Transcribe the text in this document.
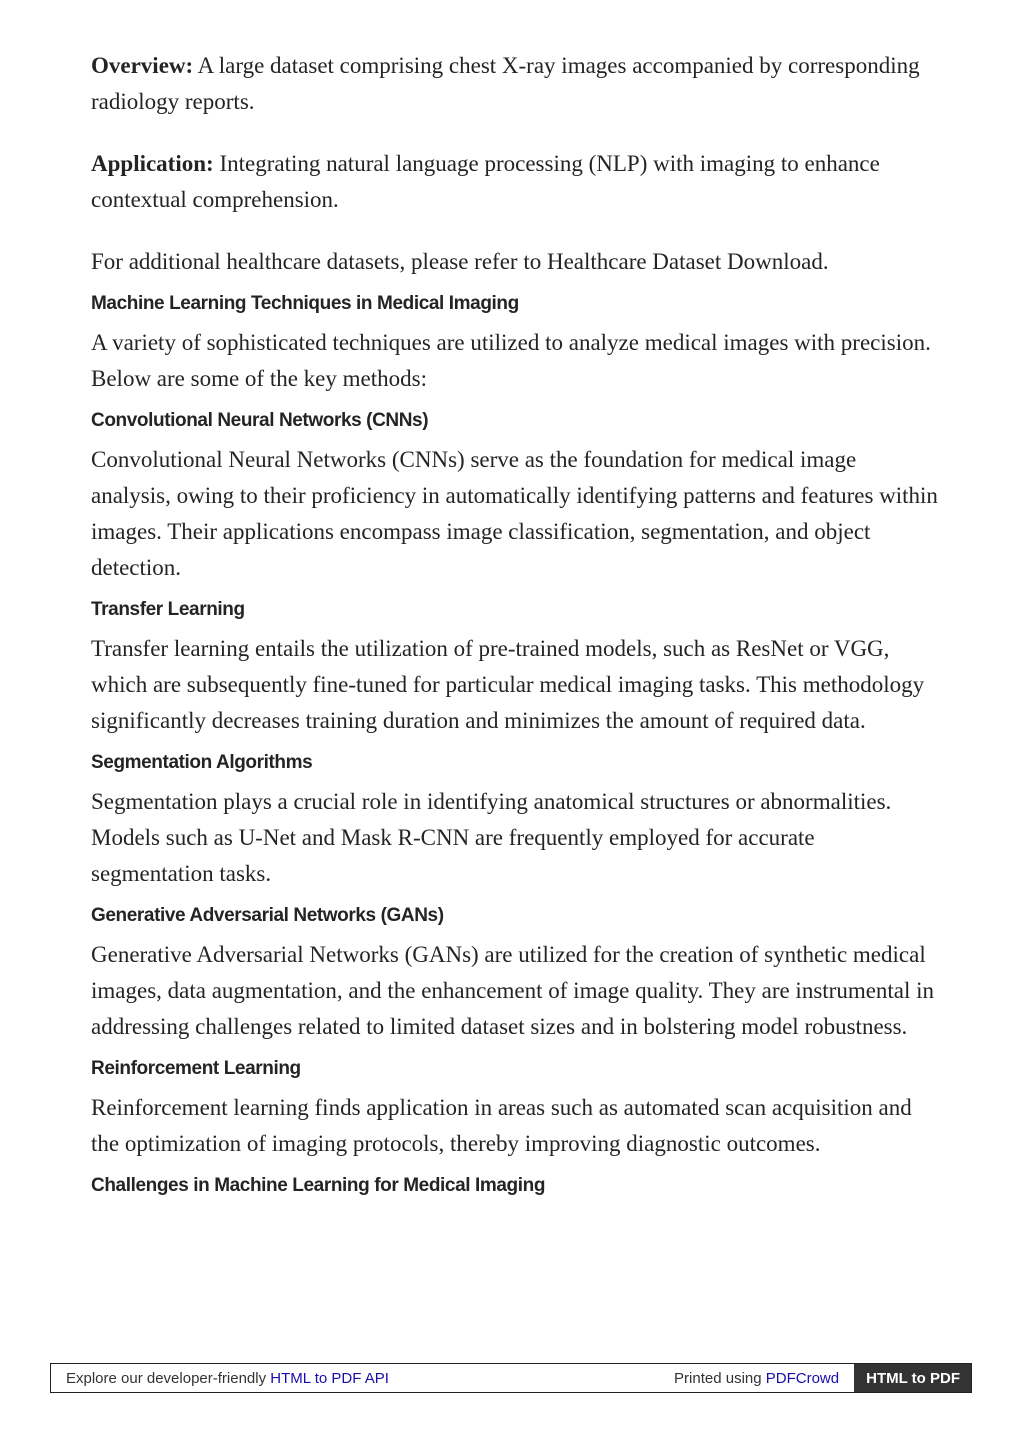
Overview: A large dataset comprising chest X-ray images accompanied by corresponding radiology reports.

Application: Integrating natural language processing (NLP) with imaging to enhance contextual comprehension.

For additional healthcare datasets, please refer to Healthcare Dataset Download.

Machine Learning Techniques in Medical Imaging

A variety of sophisticated techniques are utilized to analyze medical images with precision. Below are some of the key methods:

Convolutional Neural Networks (CNNs)

Convolutional Neural Networks (CNNs) serve as the foundation for medical image analysis, owing to their proficiency in automatically identifying patterns and features within images. Their applications encompass image classification, segmentation, and object detection.

Transfer Learning

Transfer learning entails the utilization of pre-trained models, such as ResNet or VGG, which are subsequently fine-tuned for particular medical imaging tasks. This methodology significantly decreases training duration and minimizes the amount of required data.

Segmentation Algorithms

Segmentation plays a crucial role in identifying anatomical structures or abnormalities. Models such as U-Net and Mask R-CNN are frequently employed for accurate segmentation tasks.

Generative Adversarial Networks (GANs)

Generative Adversarial Networks (GANs) are utilized for the creation of synthetic medical images, data augmentation, and the enhancement of image quality. They are instrumental in addressing challenges related to limited dataset sizes and in bolstering model robustness.

Reinforcement Learning

Reinforcement learning finds application in areas such as automated scan acquisition and the optimization of imaging protocols, thereby improving diagnostic outcomes.

Challenges in Machine Learning for Medical Imaging
Explore our developer-friendly HTML to PDF API	Printed using PDFCrowd	HTML to PDF
